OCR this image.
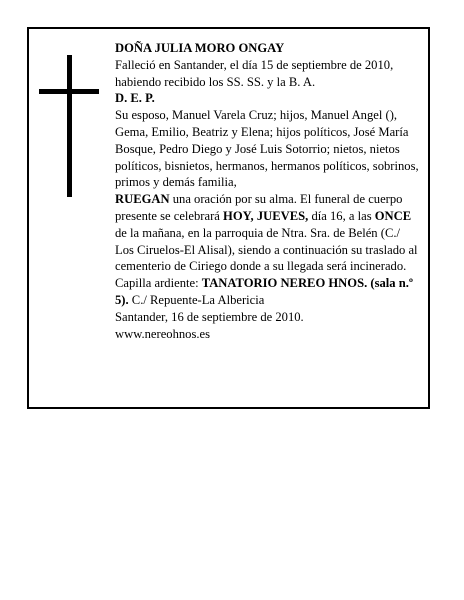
DOÑA JULIA MORO ONGAY

Falleció en Santander, el día 15 de septiembre de 2010, habiendo recibido los SS. SS. y la B. A.

D. E. P.

Su esposo, Manuel Varela Cruz; hijos, Manuel Angel (), Gema, Emilio, Beatriz y Elena; hijos políticos, José María Bosque, Pedro Diego y José Luis Sotorrio; nietos, nietos políticos, bisnietos, hermanos, hermanos políticos, sobrinos, primos y demás familia,

RUEGAN una oración por su alma. El funeral de cuerpo presente se celebrará HOY, JUEVES, día 16, a las ONCE de la mañana, en la parroquia de Ntra. Sra. de Belén (C./ Los Ciruelos-El Alisal), siendo a continuación su traslado al cementerio de Ciriego donde a su llegada será incinerado. Capilla ardiente: TANATORIO NEREO HNOS. (sala n.º 5). C./ Repuente-La Albericia

Santander, 16 de septiembre de 2010.

www.nereohnos.es
